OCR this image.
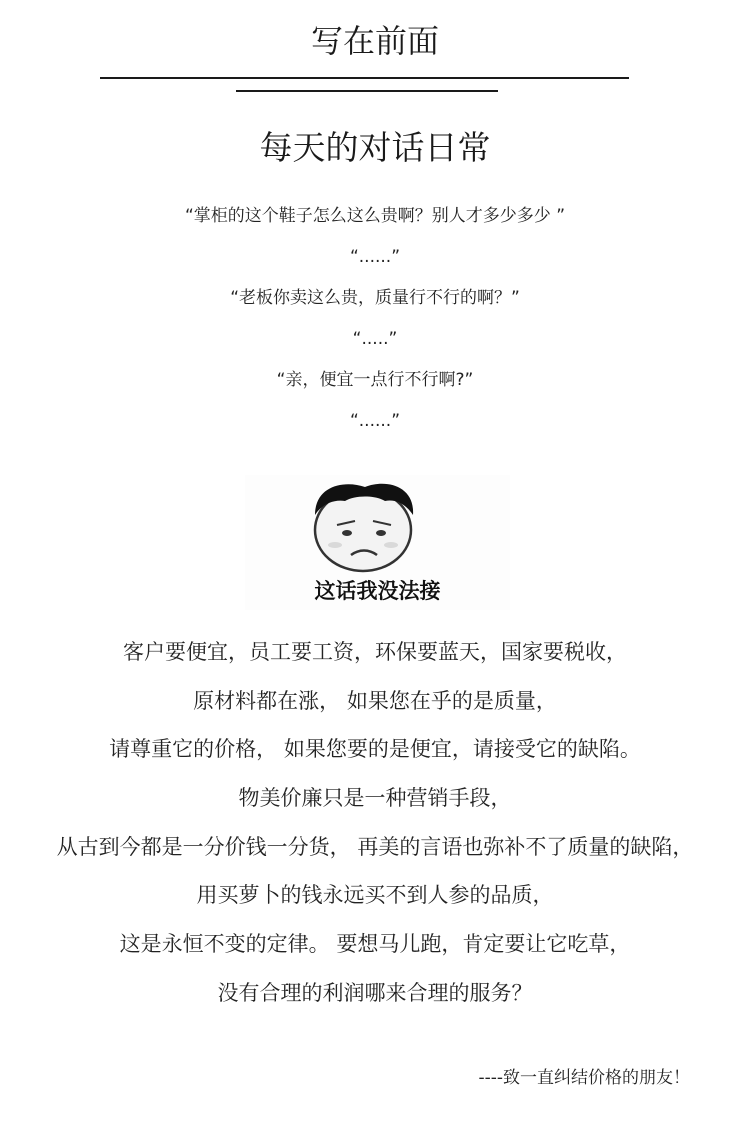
写在前面
每天的对话日常
“掌柜的这个鞋子怎么这么贵啊？别人才多少多少 ”
“......”
“老板你卖这么贵，质量行不行的啊？”
“.....”
“亲，便宜一点行不行啊?”
“......”
这话我没法接
客户要便宜，员工要工资，环保要蓝天，国家要税收，
原材料都在涨， 如果您在乎的是质量，
请尊重它的价格， 如果您要的是便宜，请接受它的缺陷。
物美价廉只是一种营销手段，
从古到今都是一分价钱一分货， 再美的言语也弥补不了质量的缺陷，
用买萝卜的钱永远买不到人参的品质，
这是永恒不变的定律。 要想马儿跑，肯定要让它吃草，
没有合理的利润哪来合理的服务？
----致一直纠结价格的朋友！
